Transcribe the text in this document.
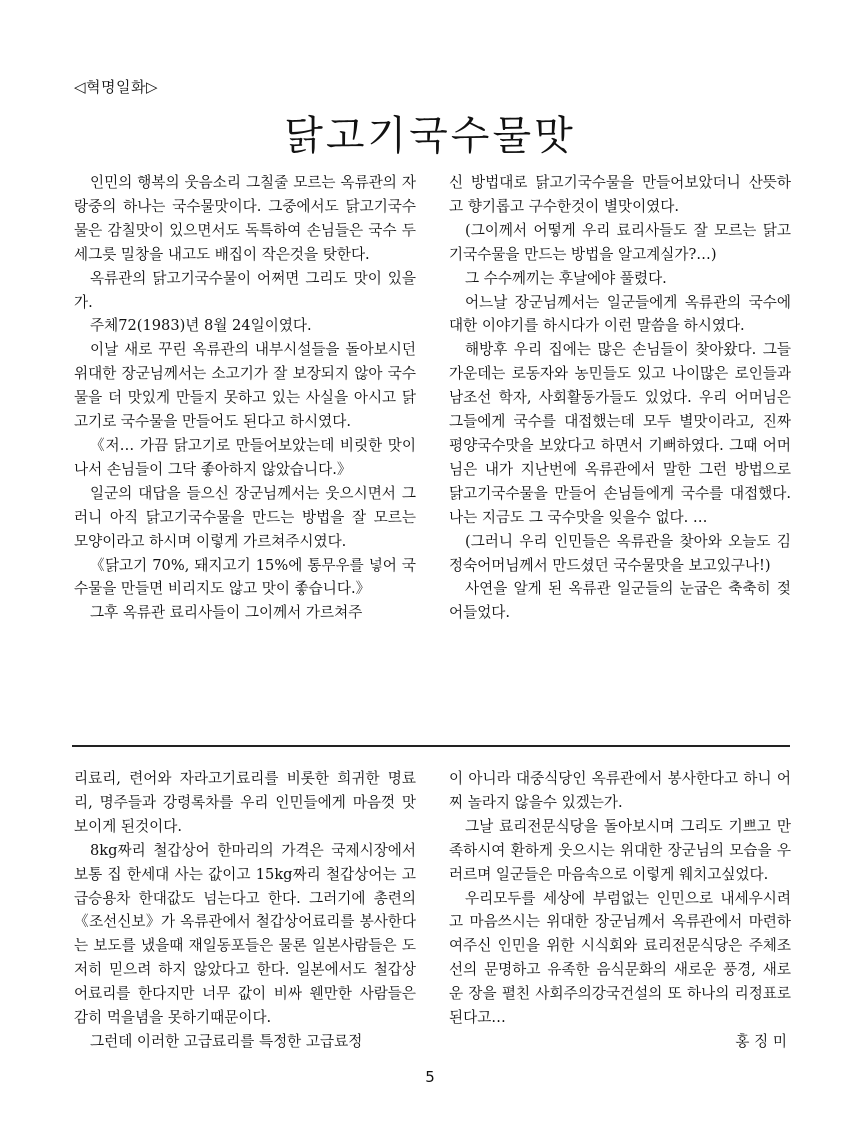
◁혁명일화▷
닭고기국수물맛

인민의 행복의 웃음소리 그칠줄 모르는 옥류관의 자랑중의 하나는 국수물맛이다. 그중에서도 닭고기국수물은 감칠맛이 있으면서도 독특하여 손님들은 국수 두세그릇 밀창을 내고도 배집이 작은것을 탓한다.

옥류관의 닭고기국수물이 어쩌면 그리도 맛이 있을가.

주체72(1983)년 8월 24일이였다.

이날 새로 꾸린 옥류관의 내부시설들을 돌아보시던 위대한 장군님께서는 소고기가 잘 보장되지 않아 국수물을 더 맛있게 만들지 못하고 있는 사실을 아시고 닭고기로 국수물을 만들어도 된다고 하시였다.

《저… 가끔 닭고기로 만들어보았는데 비릿한 맛이 나서 손님들이 그닥 좋아하지 않았습니다.》

일군의 대답을 들으신 장군님께서는 웃으시면서 그러니 아직 닭고기국수물을 만드는 방법을 잘 모르는 모양이라고 하시며 이렇게 가르쳐주시였다.

《닭고기 70%, 돼지고기 15%에 통무우를 넣어 국수물을 만들면 비리지도 않고 맛이 좋습니다.》

그후 옥류관 료리사들이 그이께서 가르쳐주

신 방법대로 닭고기국수물을 만들어보았더니 산뜻하고 향기롭고 구수한것이 별맛이였다.

(그이께서 어떻게 우리 료리사들도 잘 모르는 닭고기국수물을 만드는 방법을 알고계실가?…)

그 수수께끼는 후날에야 풀렸다.

어느날 장군님께서는 일군들에게 옥류관의 국수에 대한 이야기를 하시다가 이런 말씀을 하시였다.

해방후 우리 집에는 많은 손님들이 찾아왔다. 그들가운데는 로동자와 농민들도 있고 나이많은 로인들과 남조선 학자, 사회활동가들도 있었다. 우리 어머님은 그들에게 국수를 대접했는데 모두 별맛이라고, 진짜 평양국수맛을 보았다고 하면서 기뻐하였다. 그때 어머님은 내가 지난번에 옥류관에서 말한 그런 방법으로 닭고기국수물을 만들어 손님들에게 국수를 대접했다. 나는 지금도 그 국수맛을 잊을수 없다. …

(그러니 우리 인민들은 옥류관을 찾아와 오늘도 김정숙어머님께서 만드셨던 국수물맛을 보고있구나!)

사연을 알게 된 옥류관 일군들의 눈굽은 축축히 젖어들었다.

리료리, 련어와 자라고기료리를 비롯한 희귀한 명료리, 명주들과 강령록차를 우리 인민들에게 마음껏 맛보이게 된것이다.

8kg짜리 철갑상어 한마리의 가격은 국제시장에서 보통 집 한세대 사는 값이고 15kg짜리 철갑상어는 고급승용차 한대값도 넘는다고 한다. 그러기에 총련의 《조선신보》가 옥류관에서 철갑상어료리를 봉사한다는 보도를 냈을때 재일동포들은 물론 일본사람들은 도저히 믿으려 하지 않았다고 한다. 일본에서도 철갑상어료리를 한다지만 너무 값이 비싸 웬만한 사람들은 감히 먹을념을 못하기때문이다.

그런데 이러한 고급료리를 특정한 고급료정

이 아니라 대중식당인 옥류관에서 봉사한다고 하니 어찌 놀라지 않을수 있겠는가.

그날 료리전문식당을 돌아보시며 그리도 기쁘고 만족하시여 환하게 웃으시는 위대한 장군님의 모습을 우러르며 일군들은 마음속으로 이렇게 웨치고싶었다.

우리모두를 세상에 부럼없는 인민으로 내세우시려고 마음쓰시는 위대한 장군님께서 옥류관에서 마련하여주신 인민을 위한 시식회와 료리전문식당은 주체조선의 문명하고 유족한 음식문화의 새로운 풍경, 새로운 장을 펼친 사회주의강국건설의 또 하나의 리정표로 된다고…

홍 징 미
5
